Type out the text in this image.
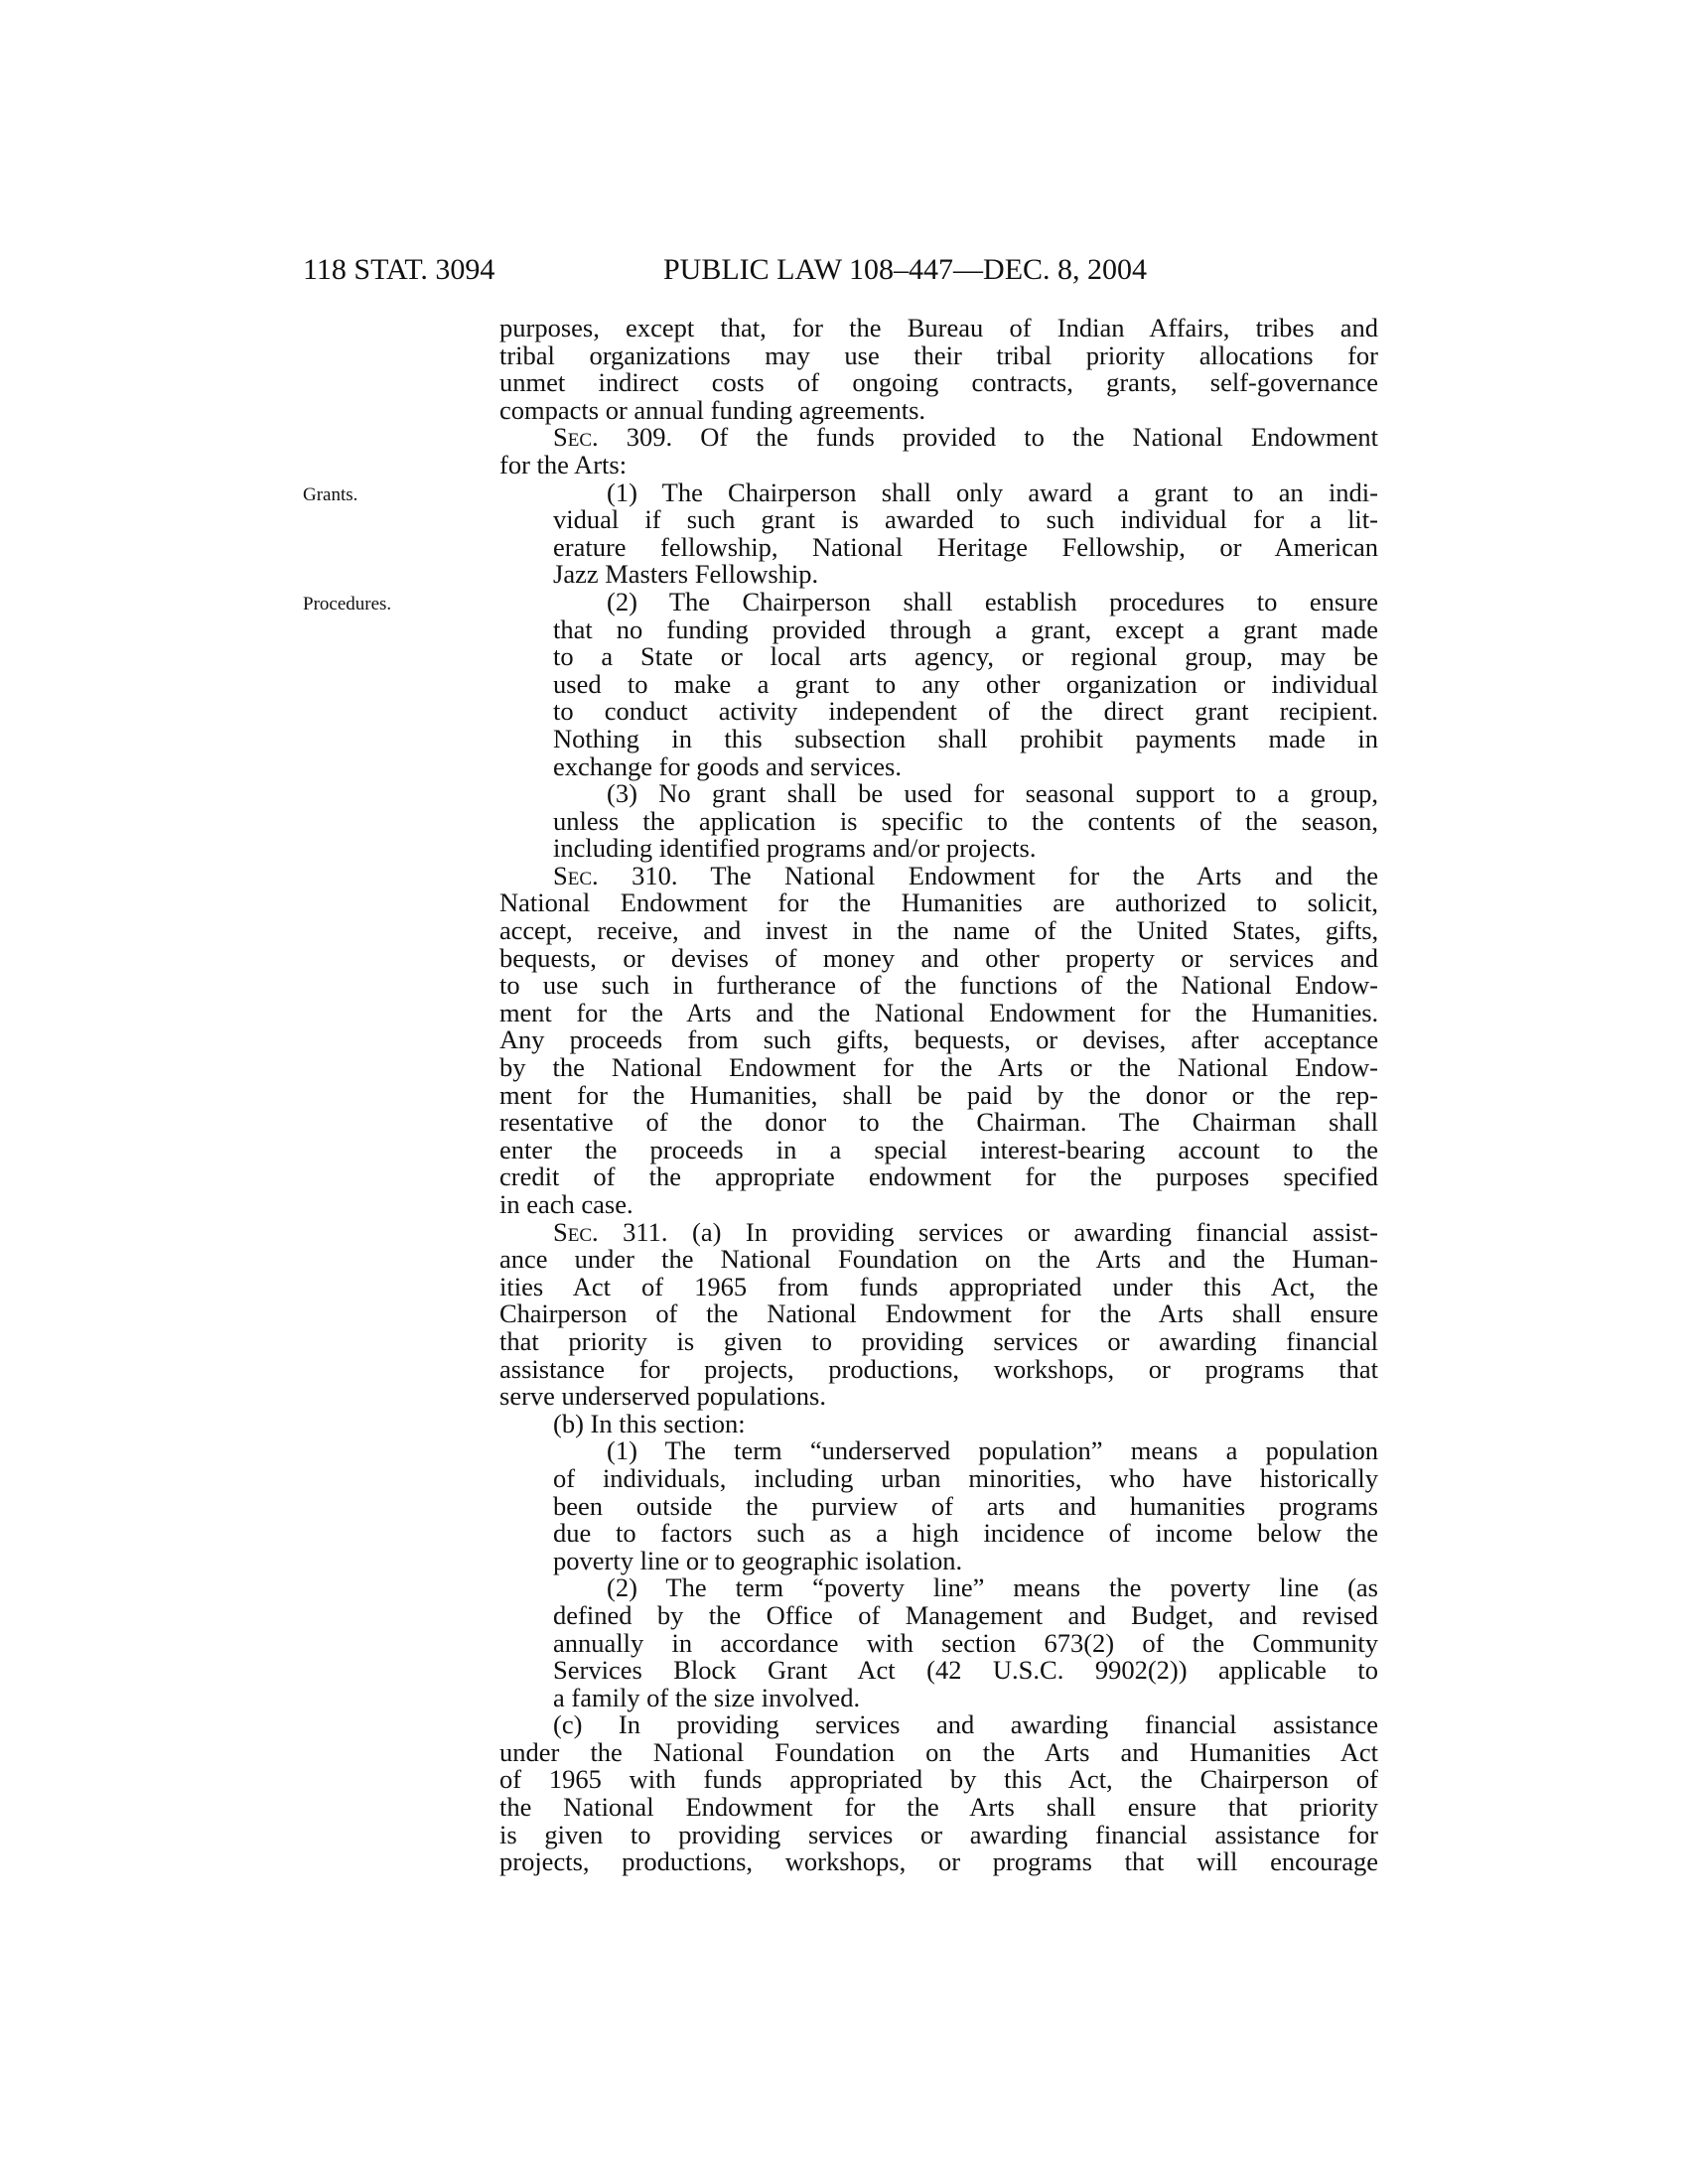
118 STAT. 3094	PUBLIC LAW 108–447—DEC. 8, 2004
Grants.
Procedures.

purposes, except that, for the Bureau of Indian Affairs, tribes and

tribal organizations may use their tribal priority allocations for

unmet indirect costs of ongoing contracts, grants, self-governance

compacts or annual funding agreements.

Sec. 309. Of the funds provided to the National Endowment

for the Arts:

(1) The Chairperson shall only award a grant to an indi-

vidual if such grant is awarded to such individual for a lit-

erature fellowship, National Heritage Fellowship, or American

Jazz Masters Fellowship.

(2) The Chairperson shall establish procedures to ensure

that no funding provided through a grant, except a grant made

to a State or local arts agency, or regional group, may be

used to make a grant to any other organization or individual

to conduct activity independent of the direct grant recipient.

Nothing in this subsection shall prohibit payments made in

exchange for goods and services.

(3) No grant shall be used for seasonal support to a group,

unless the application is specific to the contents of the season,

including identified programs and/or projects.

Sec. 310. The National Endowment for the Arts and the

National Endowment for the Humanities are authorized to solicit,

accept, receive, and invest in the name of the United States, gifts,

bequests, or devises of money and other property or services and

to use such in furtherance of the functions of the National Endow-

ment for the Arts and the National Endowment for the Humanities.

Any proceeds from such gifts, bequests, or devises, after acceptance

by the National Endowment for the Arts or the National Endow-

ment for the Humanities, shall be paid by the donor or the rep-

resentative of the donor to the Chairman. The Chairman shall

enter the proceeds in a special interest-bearing account to the

credit of the appropriate endowment for the purposes specified

in each case.

Sec. 311. (a) In providing services or awarding financial assist-

ance under the National Foundation on the Arts and the Human-

ities Act of 1965 from funds appropriated under this Act, the

Chairperson of the National Endowment for the Arts shall ensure

that priority is given to providing services or awarding financial

assistance for projects, productions, workshops, or programs that

serve underserved populations.

(b) In this section:

(1) The term “underserved population” means a population

of individuals, including urban minorities, who have historically

been outside the purview of arts and humanities programs

due to factors such as a high incidence of income below the

poverty line or to geographic isolation.

(2) The term “poverty line” means the poverty line (as

defined by the Office of Management and Budget, and revised

annually in accordance with section 673(2) of the Community

Services Block Grant Act (42 U.S.C. 9902(2)) applicable to

a family of the size involved.

(c) In providing services and awarding financial assistance

under the National Foundation on the Arts and Humanities Act

of 1965 with funds appropriated by this Act, the Chairperson of

the National Endowment for the Arts shall ensure that priority

is given to providing services or awarding financial assistance for

projects, productions, workshops, or programs that will encourage
